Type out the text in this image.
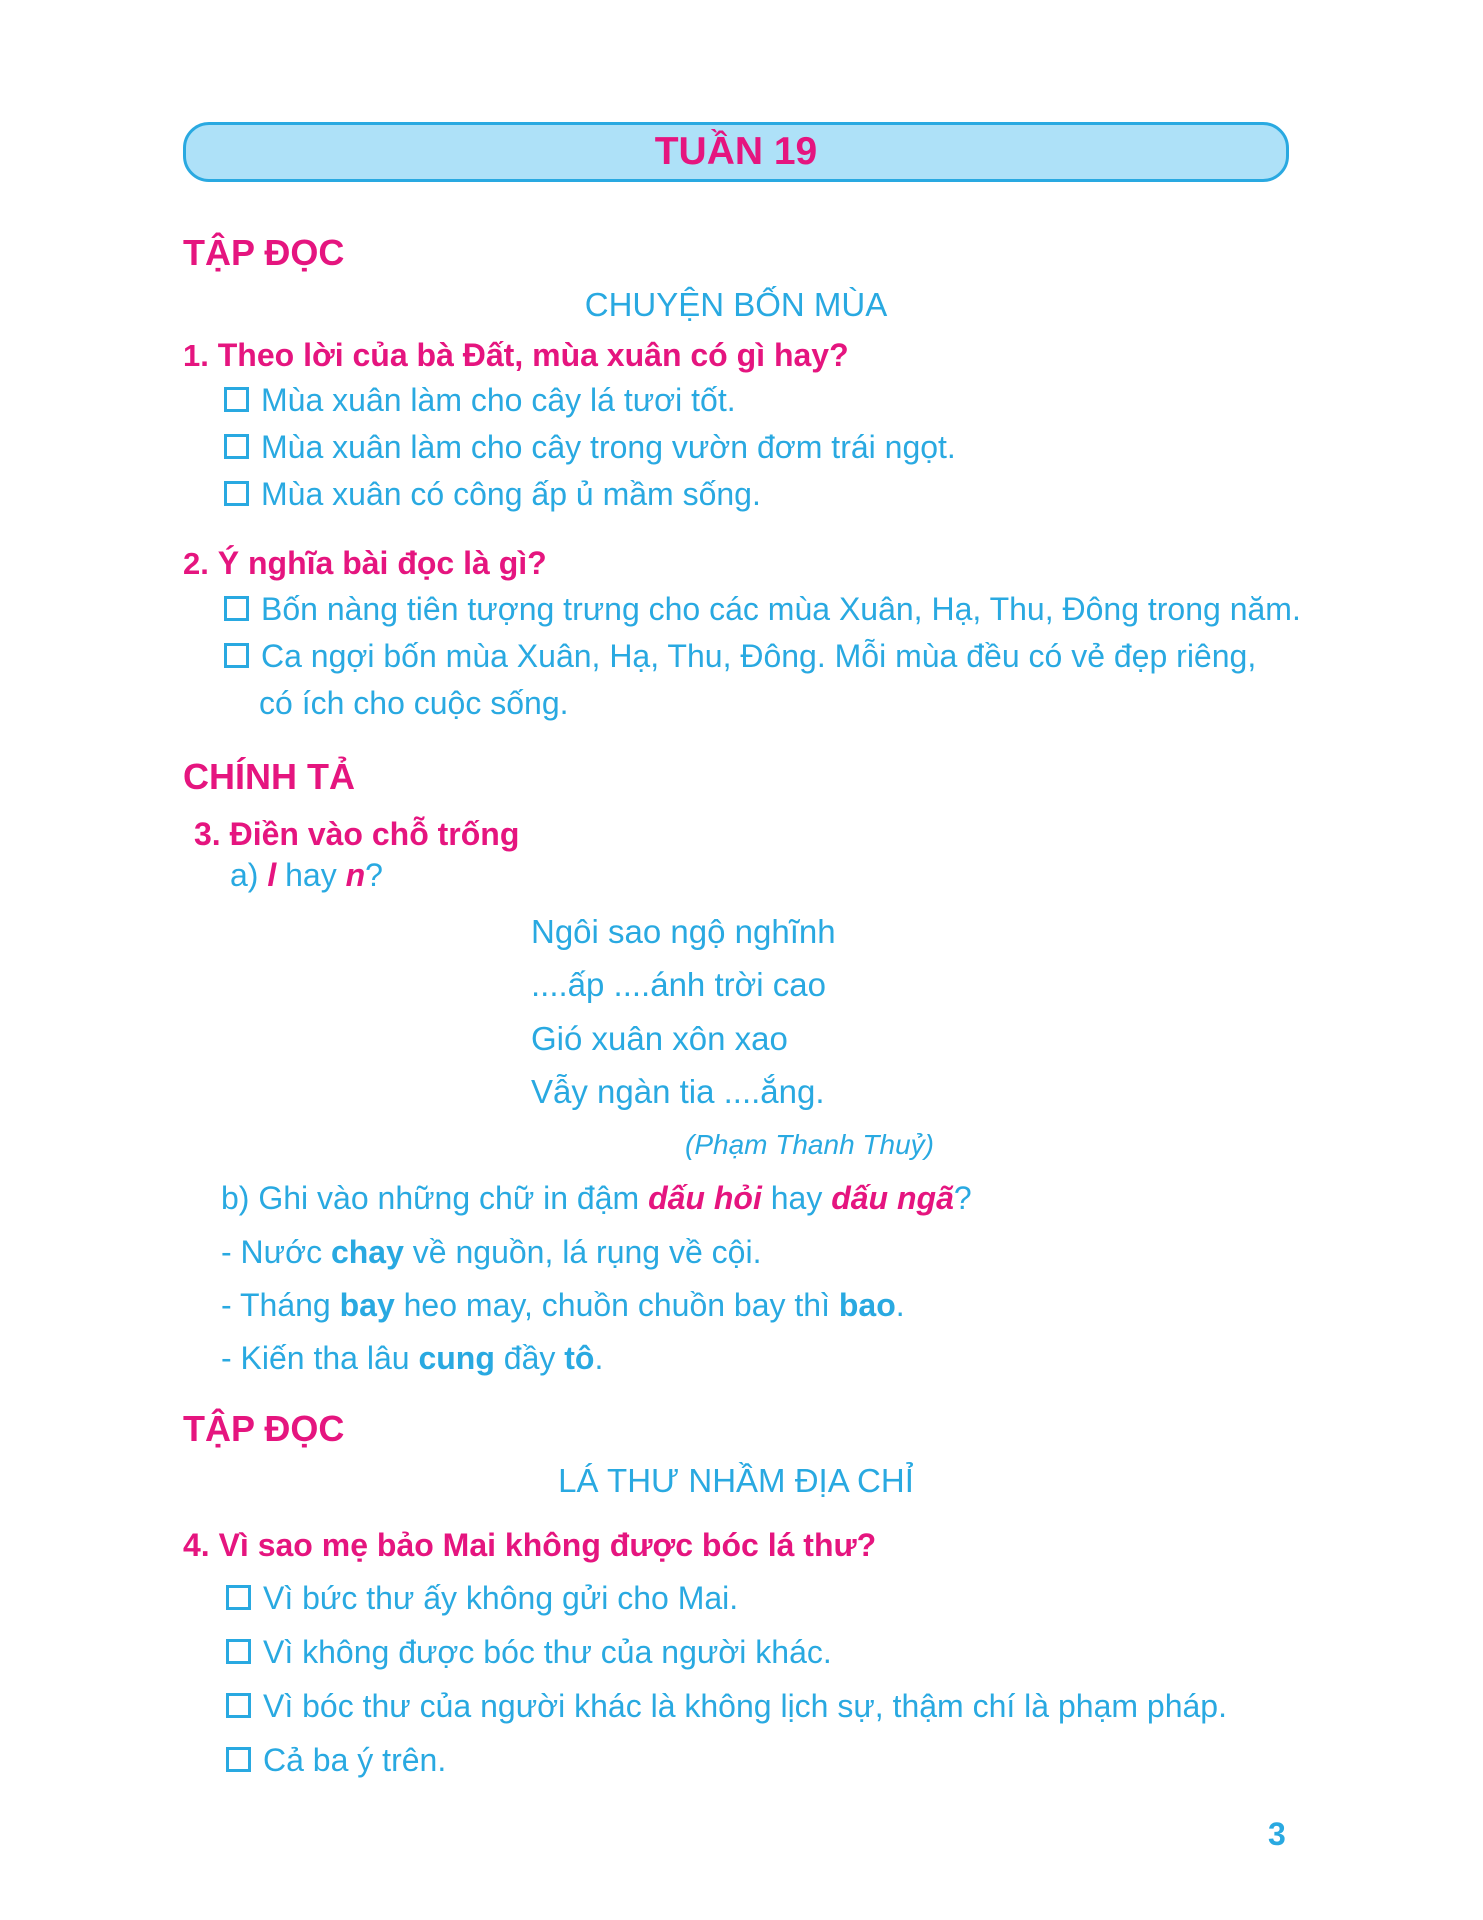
TUẦN 19
TẬP ĐỌC
CHUYỆN BỐN MÙA
1. Theo lời của bà Đất, mùa xuân có gì hay?
Mùa xuân làm cho cây lá tươi tốt.
Mùa xuân làm cho cây trong vườn đơm trái ngọt.
Mùa xuân có công ấp ủ mầm sống.
2. Ý nghĩa bài đọc là gì?
Bốn nàng tiên tượng trưng cho các mùa Xuân, Hạ, Thu, Đông trong năm.
Ca ngợi bốn mùa Xuân, Hạ, Thu, Đông. Mỗi mùa đều có vẻ đẹp riêng,
có ích cho cuộc sống.
CHÍNH TẢ
3. Điền vào chỗ trống
a) l hay n?
Ngôi sao ngộ nghĩnh
....ấp ....ánh trời cao
Gió xuân xôn xao
Vẫy ngàn tia ....ắng.
(Phạm Thanh Thuỷ)
b) Ghi vào những chữ in đậm dấu hỏi hay dấu ngã?
- Nước chay về nguồn, lá rụng về cội.
- Tháng bay heo may, chuồn chuồn bay thì bao.
- Kiến tha lâu cung đầy tô.
TẬP ĐỌC
LÁ THƯ NHẦM ĐỊA CHỈ
4. Vì sao mẹ bảo Mai không được bóc lá thư?
Vì bức thư ấy không gửi cho Mai.
Vì không được bóc thư của người khác.
Vì bóc thư của người khác là không lịch sự, thậm chí là phạm pháp.
Cả ba ý trên.
3
